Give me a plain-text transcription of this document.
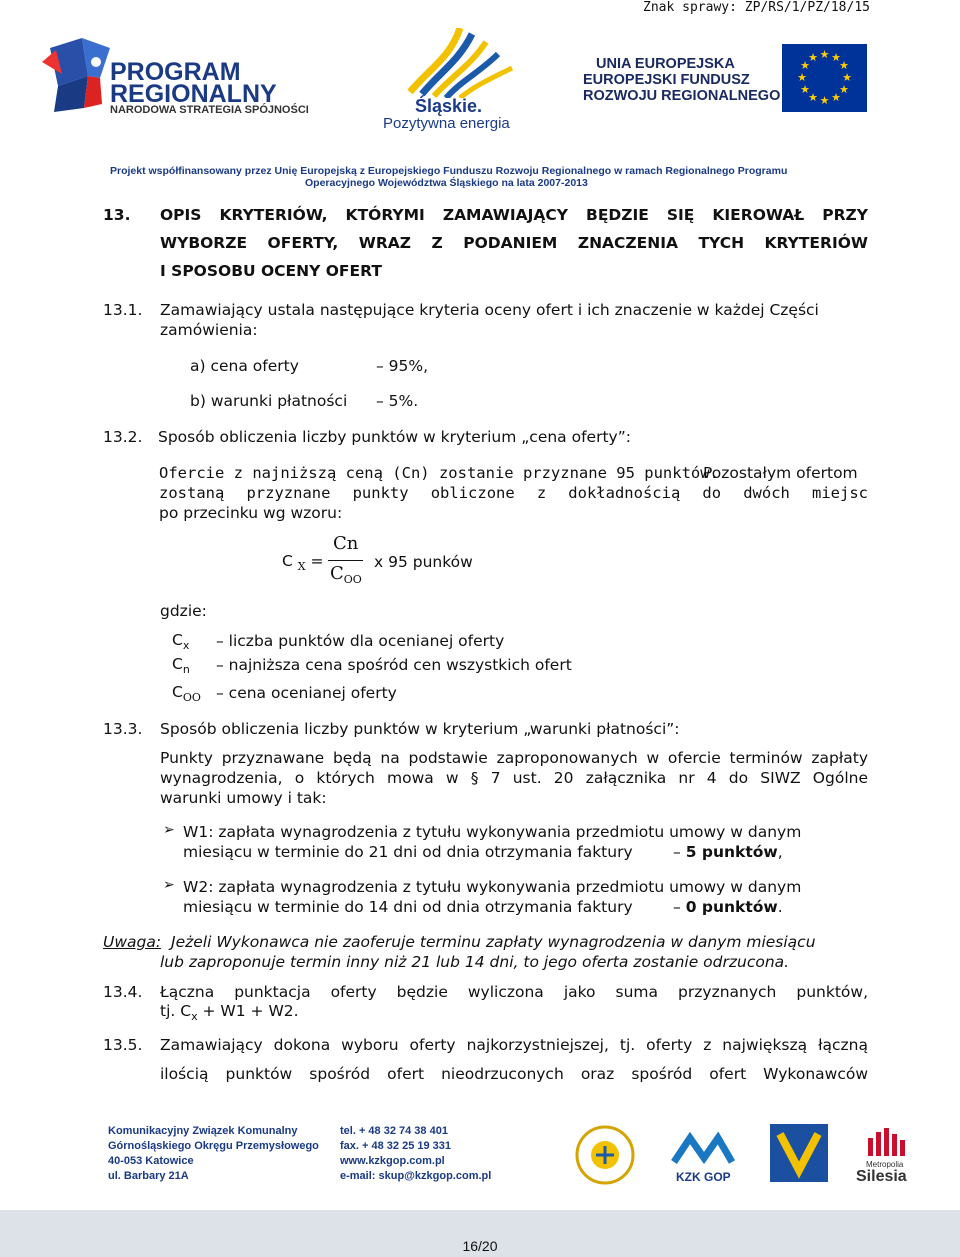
Znak sprawy: ZP/RS/1/PZ/18/15
PROGRAM
REGIONALNY
NARODOWA STRATEGIA SPÓJNOŚCI	Śląskie.
Pozytywna energia
UNIA EUROPEJSKA
EUROPEJSKI FUNDUSZ
ROZWOJU REGIONALNEGO
★ ★
★
★
★
★
★
★
★
★
★
★
Projekt współfinansowany przez Unię Europejską z Europejskiego Funduszu Rozwoju Regionalnego w ramach Regionalnego Programu
Operacyjnego Województwa Śląskiego na lata 2007-2013
13. OPIS KRYTERIÓW, KTÓRYMI ZAMAWIAJĄCY BĘDZIE SIĘ KIEROWAŁ PRZY
WYBORZE OFERTY, WRAZ Z PODANIEM ZNACZENIA TYCH KRYTERIÓW
I SPOSOBU OCENY OFERT
13.1. Zamawiający ustala następujące kryteria oceny ofert i ich znaczenie w każdej Części
zamówienia:
a) cena oferty	– 95%,
b) warunki płatności – 5%.
13.2. Sposób obliczenia liczby punktów w kryterium „cena oferty”:
Ofercie z najniższą ceną (Cn) zostanie przyznane 95 punktów.
Pozostałym ofertom
zostaną przyznane punkty obliczone z dokładnością do dwóch miejsc
po przecinku wg wzoru:
C $_X$ =
Cn
$C_{OO}$
x 95 punków
gdzie:
$C_x$ – liczba punktów dla ocenianej oferty
$C_n$ – najniższa cena spośród cen wszystkich ofert
$C_{OO}$ – cena ocenianej oferty
13.3. Sposób obliczenia liczby punktów w kryterium „warunki płatności”:
Punkty przyznawane będą na podstawie zaproponowanych w ofercie terminów zapłaty
wynagrodzenia, o których mowa w § 7 ust. 20 załącznika nr 4 do SIWZ Ogólne
warunki umowy i tak:
➢ W1: zapłata wynagrodzenia z tytułu wykonywania przedmiotu umowy w danym
miesiącu w terminie do 21 dni od dnia otrzymania faktury	– 5 punktów,
➢ W2: zapłata wynagrodzenia z tytułu wykonywania przedmiotu umowy w danym
miesiącu w terminie do 14 dni od dnia otrzymania faktury	– 0 punktów.
Uwaga: Jeżeli Wykonawca nie zaoferuje terminu zapłaty wynagrodzenia w danym miesiącu
lub zaproponuje termin inny niż 21 lub 14 dni, to jego oferta zostanie odrzucona.
13.4. Łączna punktacja oferty będzie wyliczona jako suma przyznanych punktów,
tj. $C_x + W1 + W2$.
13.5. Zamawiający dokona wyboru oferty najkorzystniejszej, tj. oferty z największą łączną
ilością punktów spośród ofert nieodrzuconych oraz spośród ofert Wykonawców
Komunikacyjny Związek Komunalny
Górnośląskiego Okręgu Przemysłowego
40-053 Katowice
ul. Barbary 21A
tel. + 48 32 74 38 401
fax. + 48 32 25 19 331
www.kzkgop.com.pl
e-mail: skup@kzkgop.com.pl	KZK GOP
Metropolia
Silesia
16/20
